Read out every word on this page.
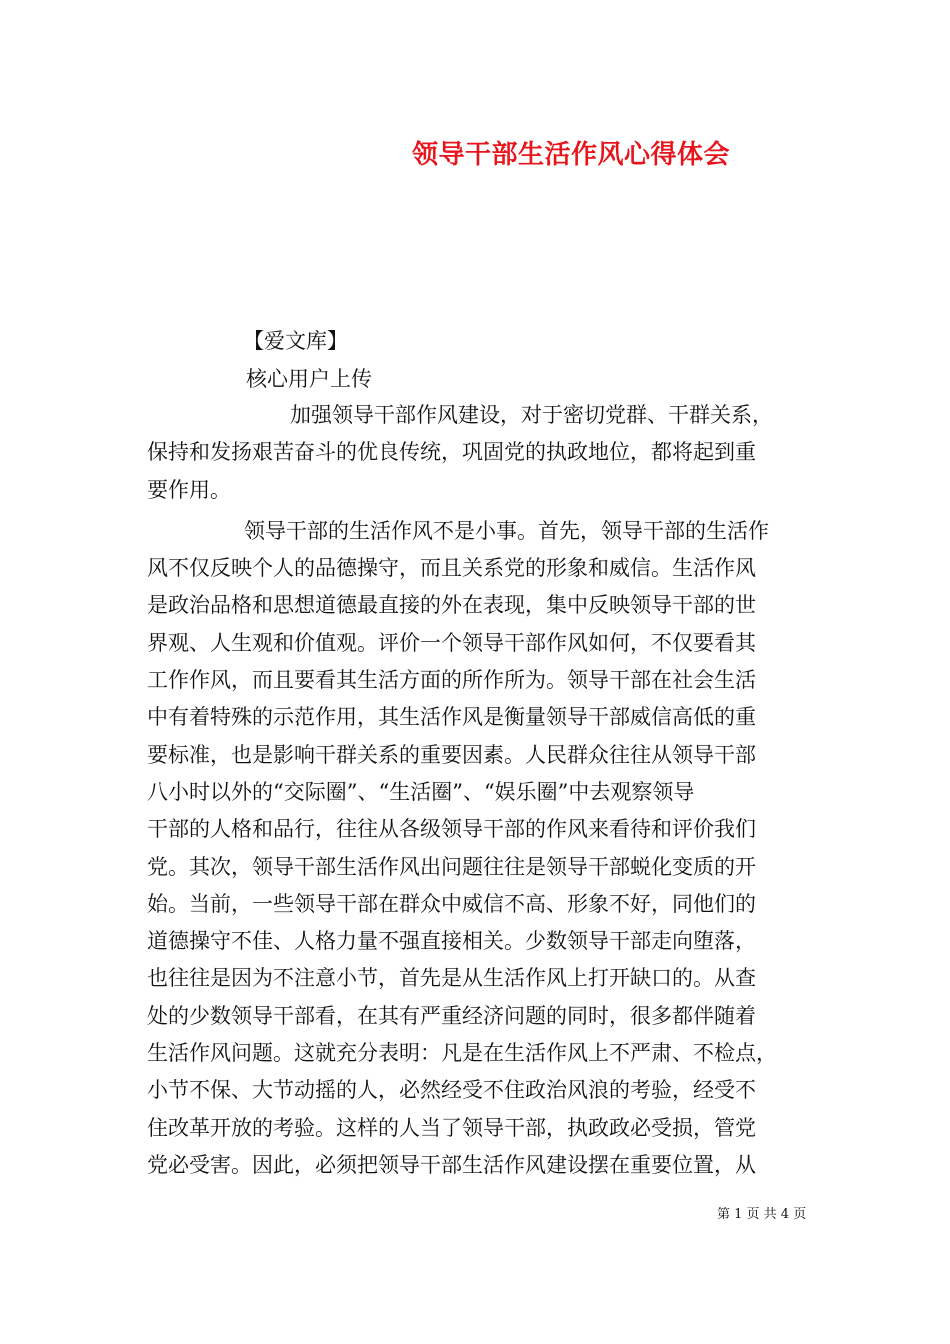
领导干部生活作风心得体会
【爱文库】
核心用户上传
加强领导干部作风建设，对于密切党群、干群关系，
保持和发扬艰苦奋斗的优良传统，巩固党的执政地位，都将起到重
要作用。
领导干部的生活作风不是小事。首先，领导干部的生活作
风不仅反映个人的品德操守，而且关系党的形象和威信。生活作风
是政治品格和思想道德最直接的外在表现，集中反映领导干部的世
界观、人生观和价值观。评价一个领导干部作风如何，不仅要看其
工作作风，而且要看其生活方面的所作所为。领导干部在社会生活
中有着特殊的示范作用，其生活作风是衡量领导干部威信高低的重
要标准，也是影响干群关系的重要因素。人民群众往往从领导干部
八小时以外的“交际圈”、“生活圈”、“娱乐圈”中去观察领导
干部的人格和品行，往往从各级领导干部的作风来看待和评价我们
党。其次，领导干部生活作风出问题往往是领导干部蜕化变质的开
始。当前，一些领导干部在群众中威信不高、形象不好，同他们的
道德操守不佳、人格力量不强直接相关。少数领导干部走向堕落，
也往往是因为不注意小节，首先是从生活作风上打开缺口的。从查
处的少数领导干部看，在其有严重经济问题的同时，很多都伴随着
生活作风问题。这就充分表明：凡是在生活作风上不严肃、不检点，
小节不保、大节动摇的人，必然经受不住政治风浪的考验，经受不
住改革开放的考验。这样的人当了领导干部，执政政必受损，管党
党必受害。因此，必须把领导干部生活作风建设摆在重要位置，从
第 1 页 共 4 页
